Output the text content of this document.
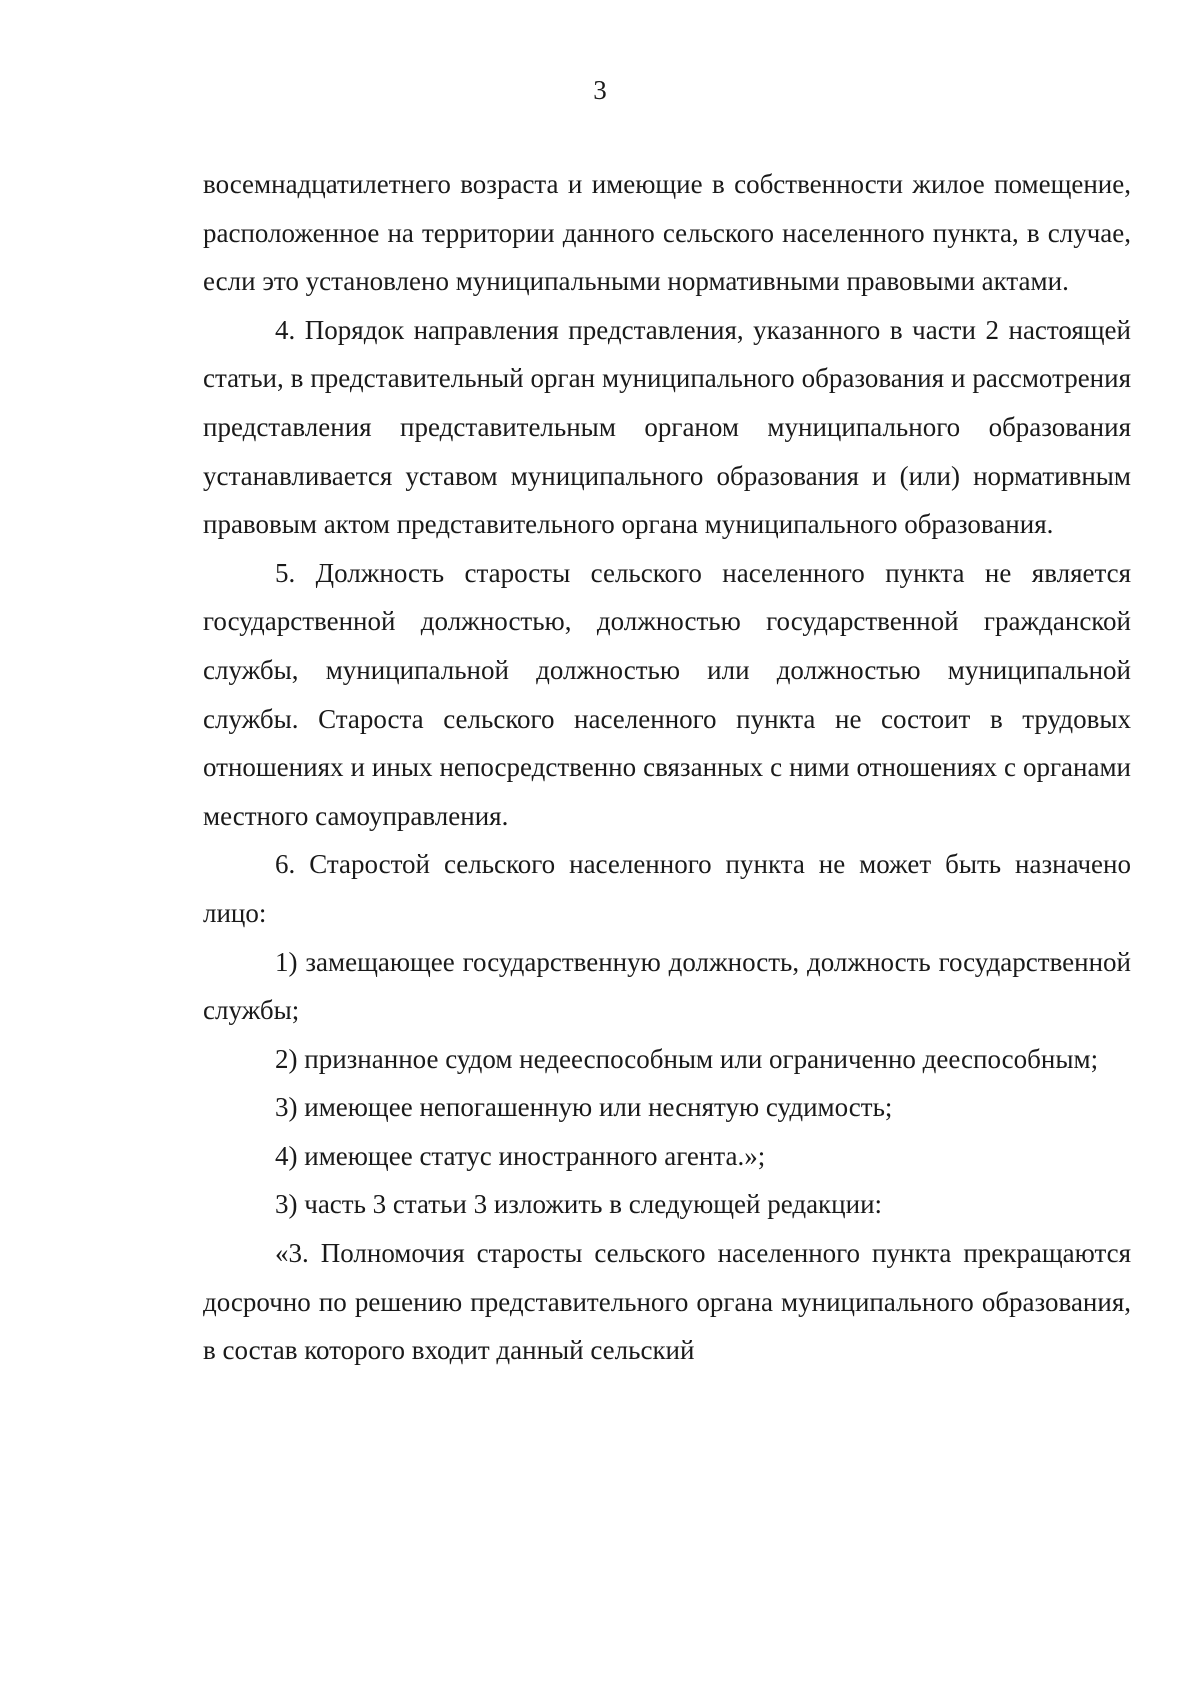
3

восемнадцатилетнего возраста и имеющие в собственности жилое помещение, расположенное на территории данного сельского населенного пункта, в случае, если это установлено муниципальными нормативными правовыми актами.

4. Порядок направления представления, указанного в части 2 настоящей статьи, в представительный орган муниципального образования и рассмотрения представления представительным органом муниципального образования устанавливается уставом муниципального образования и (или) нормативным правовым актом представительного органа муниципального образования.

5. Должность старосты сельского населенного пункта не является государственной должностью, должностью государственной гражданской службы, муниципальной должностью или должностью муниципальной службы. Староста сельского населенного пункта не состоит в трудовых отношениях и иных непосредственно связанных с ними отношениях с органами местного самоуправления.

6. Старостой сельского населенного пункта не может быть назначено лицо:

1) замещающее государственную должность, должность государственной службы;

2) признанное судом недееспособным или ограниченно дееспособным;

3) имеющее непогашенную или неснятую судимость;

4) имеющее статус иностранного агента.»;

3) часть 3 статьи 3 изложить в следующей редакции:

«3. Полномочия старосты сельского населенного пункта прекращаются досрочно по решению представительного органа муниципального образования, в состав которого входит данный сельский
